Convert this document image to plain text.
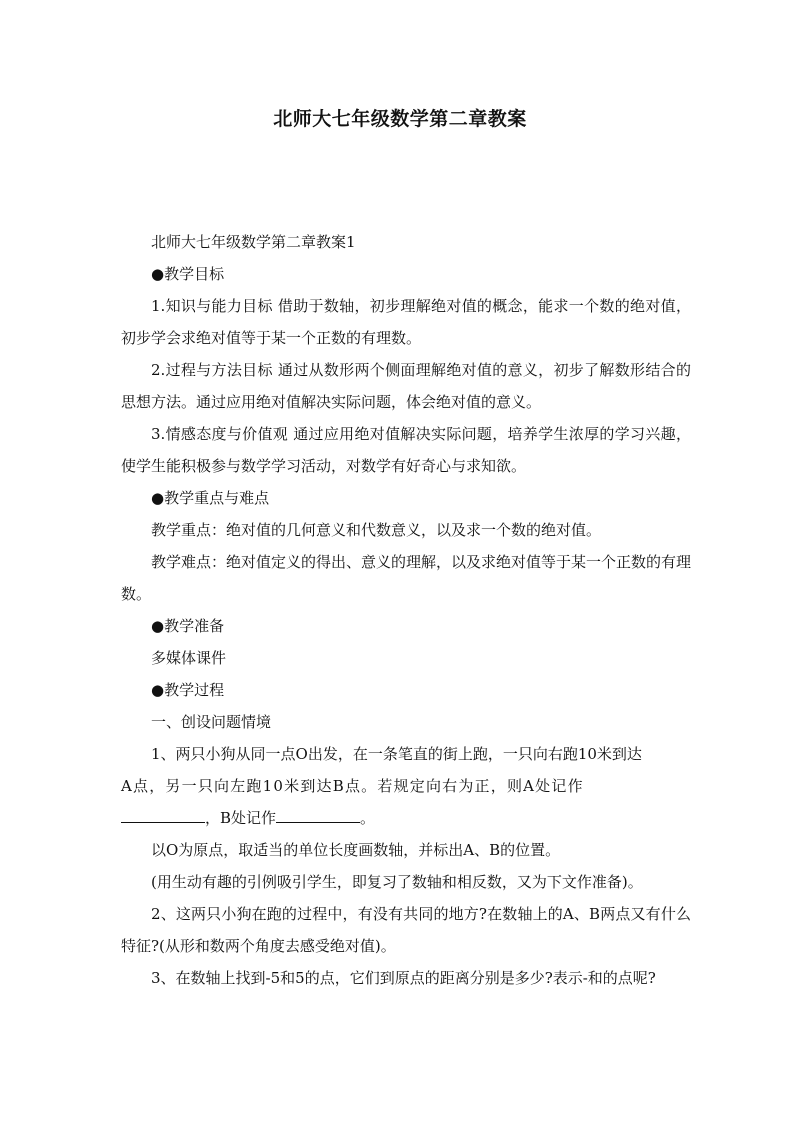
北师大七年级数学第二章教案

北师大七年级数学第二章教案1

●教学目标

1.知识与能力目标 借助于数轴，初步理解绝对值的概念，能求一个数的绝对值，初步学会求绝对值等于某一个正数的有理数。

2.过程与方法目标 通过从数形两个侧面理解绝对值的意义，初步了解数形结合的思想方法。通过应用绝对值解决实际问题，体会绝对值的意义。

3.情感态度与价值观 通过应用绝对值解决实际问题，培养学生浓厚的学习兴趣，使学生能积极参与数学学习活动，对数学有好奇心与求知欲。

●教学重点与难点

教学重点：绝对值的几何意义和代数意义，以及求一个数的绝对值。

教学难点：绝对值定义的得出、意义的理解，以及求绝对值等于某一个正数的有理数。

●教学准备

多媒体课件

●教学过程

一、创设问题情境

1、两只小狗从同一点O出发，在一条笔直的街上跑，一只向右跑10米到达

A点，另一只向左跑10米到达B点。若规定向右为正，则A处记作

，B处记作	。

以O为原点，取适当的单位长度画数轴，并标出A、B的位置。

(用生动有趣的引例吸引学生，即复习了数轴和相反数，又为下文作准备)。

2、这两只小狗在跑的过程中，有没有共同的地方?在数轴上的A、B两点又有什么特征?(从形和数两个角度去感受绝对值)。

3、在数轴上找到-5和5的点，它们到原点的距离分别是多少?表示-和的点呢?
